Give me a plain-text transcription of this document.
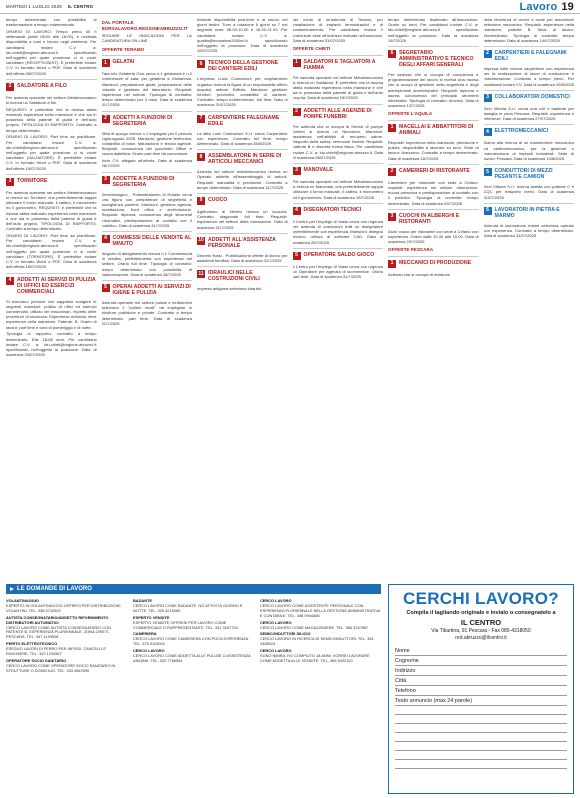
MARTEDÌ 1 LUGLIO 2025 IL CENTRO	Lavoro 19

tempo determinato con possibilità di trasformazione a tempo indeterminato.

ORARIO DI LAVORO: Tempo pieno 40 h settimanali (dalle 08:00 alle 18:00), è richiesta disponibilità a turni e lavoro negli weekend. Per candidarsi inviare C.V. a: idu.chieti@regione.abruzzo.it specificando nell'oggetto per quale posizione ci si vuole candidare (RECEPTIONIST). È preferibile inviare C.V. in formato Word o PDF. Data di scadenza dell'offerta 06/07/2025

2	SALDATORE A FILO

Per azienda operante nel settore Metalmeccanico si ricerca un Saldatore a filo.

REQUISITI: è preferibile che la risorsa abbia maturato esperienza nella mansione e che sia in possesso della patente di guida e dell'auto propria. TIPOLOGIA DI RAPPORTO: Contratto a tempo determinato.

ORARIO DI LAVORO: Part time da pianificare. Per candidarsi inviare C.V. a: idu.chieti@regione.abruzzo.it specificando nell'oggetto per quale posizione ci si vuole candidare (SALDATORE). È preferibile inviare C.V. in formato Word o PDF. Data di scadenza dell'offerta 15/07/2025

3	TORNITORE

Per azienda operante nel settore Metalmeccanico si ricerca un Tornitore, che preferibilmente sappia utilizzare il tornio manuale, il calibro, il micrometro ed il goniometro. REQUISITI: è preferibile che la risorsa abbia maturato esperienza nella mansione e che sia in possesso della patente di guida e dell'auto propria. TIPOLOGIA DI RAPPORTO: Contratto a tempo determinato.

ORARIO DI LAVORO: Part time da pianificare. Per candidarsi inviare C.V. a: idu.chieti@regione.abruzzo.it specificando nell'oggetto per quale posizione ci si vuole candidare (TORNITORE). È preferibile inviare C.V. in formato Word o PDF. Data di scadenza dell'offerta 15/07/2025

4	ADDETTI AI SERVIZI DI PULIZIA DI UFFICI ED ESERCIZI COMMERCIALI

Si ricercano persone che sappiano svolgere le seguenti mansioni: pulizia di uffici ed esercizi commerciali, utilizzo dei macchinari, rispetto delle procedure di sicurezza. Esperienza richiesta: lieve esperienza nella mansione. Patente: B. Orario di lavoro: part time e turni di pomeriggio e di notte.

Tipologia di rapporto: contratto a tempo determinato. Età: 18-65 anni. Per candidarsi inviare C.V. a: idu.chieti@regione.abruzzo.it specificando nell'oggetto la posizione. Data di scadenza 20/07/2025

DAL PORTALE BORSALAVORO.REGIONEABRUZZO.IT

SEGUIRE LE INDICAZIONI PER LA CANDIDATURA ON LINE

OFFERTE TERAMO
1	GELATAI

Fata srls Gelateria Ozzi cerca n.1 gelataio/a e n.2 commessi/e di sala, per gelateria a Giulianova. Mansioni: preparazione gelati, preparazione delle miscele e gestione del laboratorio. Requisiti: esperienza nel settore. Tipologia di contratto: tempo determinato per 3 mesi. Data di scadenza 31/7/2025

2	ADDETTI A FUNZIONI DI SEGRETERIA

Ditta di spurgo ricerca n.1 impiegato per il periodo luglio-agosto 2025. Mansioni: gestione telefonica, contabilità di base, fatturazione e tenuta agende. Requisiti: conoscenza del pacchetto Office e buona dialettica. Orario part time da concordare.

Invio CV: allegato all'offerta. Data di scadenza 26/7/2025

3	ADDETTE A FUNZIONI DI SEGRETERIA

Dermatologico - Poliambulatorio di Roseto cerca una figura con competenze di segreteria e accoglienza pazienti. Mansioni: gestione agenda, accettazione, front office e archiviazione. Requisiti: diploma, conoscenza degli strumenti informatici, predisposizione al contatto con il pubblico. Data di scadenza 31/7/2025

4	COMMESSI DELLE VENDITE AL MINUTO

Negozio di abbigliamento ricerca n.1 Commesso/a di vendita, preferibilmente con esperienza nel settore. Orario full time. Tipologia di contratto: tempo determinato con possibilità di trasformazione. Data di scadenza 28/7/2025

5	OPERAI ADDETTI AI SERVIZI DI IGIENE E PULIZIA

Azienda operante nel settore pulizie e multiservizi seleziona 2 "pulitori locali" da impiegare in strutture pubbliche e private. Contratto a tempo determinato, part time. Data di scadenza 31/7/2025

richiede disponibilità part-time e al lavoro nei giorni festivi. Turni a rotazione 5 giorni su 7 nei seguenti orari: 06.00-10.00 e 16.00-21.00. Per candidarsi inviare C.V. a: qualita@ecosistem2000srl.it specificando nell'oggetto la posizione. Data di scadenza 19/07/2025

6	TECNICO DELLA GESTIONE DEI CANTIERI EDILI

L'Impresa Lucio Costruzioni per ampliamento organico ricerca la figura di un responsabile ufficio acquisti, settore Edilizia. Mansioni: gestione fornitori, preventivi, contabilità di cantiere. Contratto: tempo indeterminato, full time. Data di scadenza 31/07/2025

7	CARPENTIERE FALEGNAME EDILE

La ditta Lurin Costruzioni S.r.l. cerca Carpentiere con esperienza. Contratto full time, tempo determinato. Data di scadenza 28/8/2025

8	ASSEMBLATORE IN SERIE DI ARTICOLI MECCANICI

Azienda del settore metalmeccanico ricerca un Operaio addetto all'assemblaggio di articoli. Requisiti: manualità e precisione. Contratto a tempo determinato. Data di scadenza 31/7/2025

9	CUOCO

Agriturismo di Nereto ricerca un cuoco/a. Contratto stagionale full time. Requisiti: esperienza nel settore della ristorazione. Data di scadenza 31/7/2025

10 ADDETTI ALL'ASSISTENZA PERSONALE

Decreto flussi - Pubblicazione offerte di lavoro per assistenti familiari. Data di scadenza 31/7/2025

11 IDRAULICI NELLE COSTRUZIONI CIVILI

Impresa artigiana seleziona idraulici.

per conto di un'azienda di Teramo, per installazione di impianti termoidraulici e di condizionamento. Per candidarsi inviare il curriculum vitae all'indirizzo indicato nell'annuncio. Data di scadenza 31/07/2025

OFFERTE CHIETI
1	SALDATORI E TAGLIATORI A FIAMMA

Per azienda operante nel settore Metalmeccanico si ricerca un Saldatore. È preferibile che la risorsa abbia maturato esperienza nella mansione e che sia in possesso della patente di guida e dell'auto propria. Data di scadenza 15/7/2025

2	ADDETTI ALLE AGENZIE DI POMPE FUNEBRI

Per azienda che si occupa di Servizi di pompe funebri si ricerca un Necroforo. Mansioni: assistenza nell'attività di recupero salme, trasporto della salma, cerimonie funebri. Requisiti: patente B e discreta forma fisica. Per candidarsi inviare C.V. a: idu.chieti@regione.abruzzo.it. Data di scadenza 08/07/2025

3	MANOVALE

Per azienda operante nel settore Metalmeccanico si ricerca un Manovale, che preferibilmente sappia utilizzare il tornio manuale, il calibro, il micrometro ed il goniometro. Data di scadenza 15/7/2025

4	DISEGNATORI TECNICI

Il Centro per l'Impiego di Vasto cerca con urgenza per azienda di costruzioni edili un disegnatore preferibilmente con esperienza. Mansioni: disegno tecnico, utilizzo di software CAD. Data di scadenza 25/7/2025

5	OPERATORE SALDO GIOCO

Il Centro per l'Impiego di Vasto cerca con urgenza un Operatore per agenzia di scommesse. Orario part time. Data di scadenza 31/7/2025

tempo determinato finalizzato all'assunzione. Orario su turni. Per candidarsi inviare C.V. a: idu.chieti@regione.abruzzo.it specificando nell'oggetto la posizione. Data di scadenza 15/7/2025

6	SEGRETARIO AMMINISTRATIVO E TECNICO DEGLI AFFARI GENERALI

Per azienda che si occupa di consulenza e programmazione del lavoro si ricerca una risorsa che si occupi di gestione della segreteria e degli adempimenti amministrativi. Requisiti: diploma o laurea, conoscenza dei principali strumenti informatici. Tipologia di contratto: tirocinio. Data di scadenza 13/7/2025

OFFERTE L'AQUILA
1	MACELLAI E ABBATTITORI DI ANIMALI

Requisiti: esperienza nella mansione, precisione e pulizia, disponibilità a lavorare su turni. Sede di lavoro: Avezzano. Contratto a tempo determinato. Data di scadenza 18/7/2025

2	CAMERIERI DI RISTORANTE

Cameriere per ristorante con sede a Celano: requisiti: esperienza nel settore ristorazione, buona presenza e predisposizione al contatto con il pubblico. Tipologia di contratto: tempo determinato. Data di scadenza 29/7/2025

3	CUOCHI IN ALBERGHI E RISTORANTI

Aiuto cuoco per ristorante con sede a Celano con esperienza. Orario dalle 10.30 alle 15.00. Data di scadenza 29/7/2025

OFFERTE PESCARA
1	MECCANICI DI PRODUZIONE

Azienda che si occupa di revisione

della rifornitura di cerchi e ruote per autoveicoli seleziona meccanico. Requisiti: esperienza nella mansione, patente B. Sede di lavoro: Montesilvano. Tipologia di contratto: tempo determinato. Data di scadenza 14/07/2025

2	CARPENTIERI E FALEGNAMI EDILI

Impresa edile ricerca carpentiere con esperienza per la realizzazione di lavori di costruzione e ristrutturazione. Contratto a tempo pieno. Per candidarsi inviare CV. Data di scadenza 29/6/2025

3	COLLABORATORI DOMESTICI

Dexi Vittoria S.r.l. cerca una colf e badante per famiglia in zona Pescara. Requisiti: esperienza e referenze. Data di scadenza 27/07/2025

4	ELETTROMECCANICI

Siamo alla ricerca di un manutentore meccanico ed elettromeccanico, per la gestione e manutenzione di impianti industriali. Sede di lavoro: Pescara. Data di scadenza 14/8/2025

5	CONDUTTORI DI MEZZI PESANTI E CAMION

Dexi Vittoria S.r.l. ricerca autista con patente C e CQC per trasporto merci. Data di scadenza 31/07/2025

6	LAVORATORI IN PIETRA E MARMO

Azienda di lavorazione marmi seleziona operaio con esperienza. Contratto a tempo determinato. Data di scadenza 31/07/2025

LE DOMANDE DI LAVORO
VOLANTINAGGIO

ESPERTO IN VOLANTINAGGIO OFFRESI PER DISTRIBUZIONE VOLANTINI. TEL. 338 9742902

AUTISTA CONSEGNATARIO/ADDETTO RIFORNIMENTO DISTRIBUTORI AUTOMATICI

CERCO LAVORO COME AUTISTA CONSEGNATARIO CON PATENTE B, ESPERIENZA PLURIENNALE. ZONA CHIETI, PESCARA. TEL. 347 1193508

PERITO ELETTROTECNICO

ESEGUO LAVORI DI FERRO PER INFISSI, CANCELLI E RINGHIERE. TEL. 320 1234567

OPERATORE SOCIO SANITARIO

CERCO LAVORO COME OPERATORE SOCIO SANITARIO IN STRUTTURE O DOMICILIO. TEL. 333 4567890

BADANTE

CERCO LAVORO COME BADANTE, NO ATTIVITÀ GIORNO E NOTTE. TEL. 329 4215060

ESPERTO VENDITE

ESPERTO VENDITE OFFRESI PER LAVORO COME COMMERCIALE O RAPPRESENTANTE. TEL. 331 9187724

CAMERIERA

CERCO LAVORO COME CAMERIERA CON POCA ESPERIENZA. TEL. 379 3110092

CERCO LAVORO

CERCO LAVORO COME ADDETTA ALLE PULIZIE O ASSISTENZA ANZIANI. TEL. 320 7766554

CERCO LAVORO

CERCO LAVORO COME ASSISTENTE PERSONALE CON ESPERIENZA PLURIENNALE NELLA GESTIONE AMMINISTRATIVA E CONTABILE. TEL. 348 9944468

CERCO LAVORO

CERCO LAVORO COME MAGAZZINIERE. TEL. 366 3210987

SEMICONDUTTORI SILICIO

CERCO LAVORO IN RICERCA DI SEMICONDUTTORI. TEL. 351 2468024

CERCO LAVORO

SONO NIMRA, HO COMPIUTO 18 ANNI, VORREI LAVORARE COME ADDETTA ALLE VENDITE. TEL. 389 5432100

CERCHI LAVORO?
Compila il tagliando originale e invialo o consegnatelo a
IL CENTRO
Via Tiburtina, 91 Pescara - Fax 085-4318050
red.abruzzo@ilcentro.it
Nome
Cognome
Indirizzo
Città
Telefono
Testo annuncio (max 24 parole)
